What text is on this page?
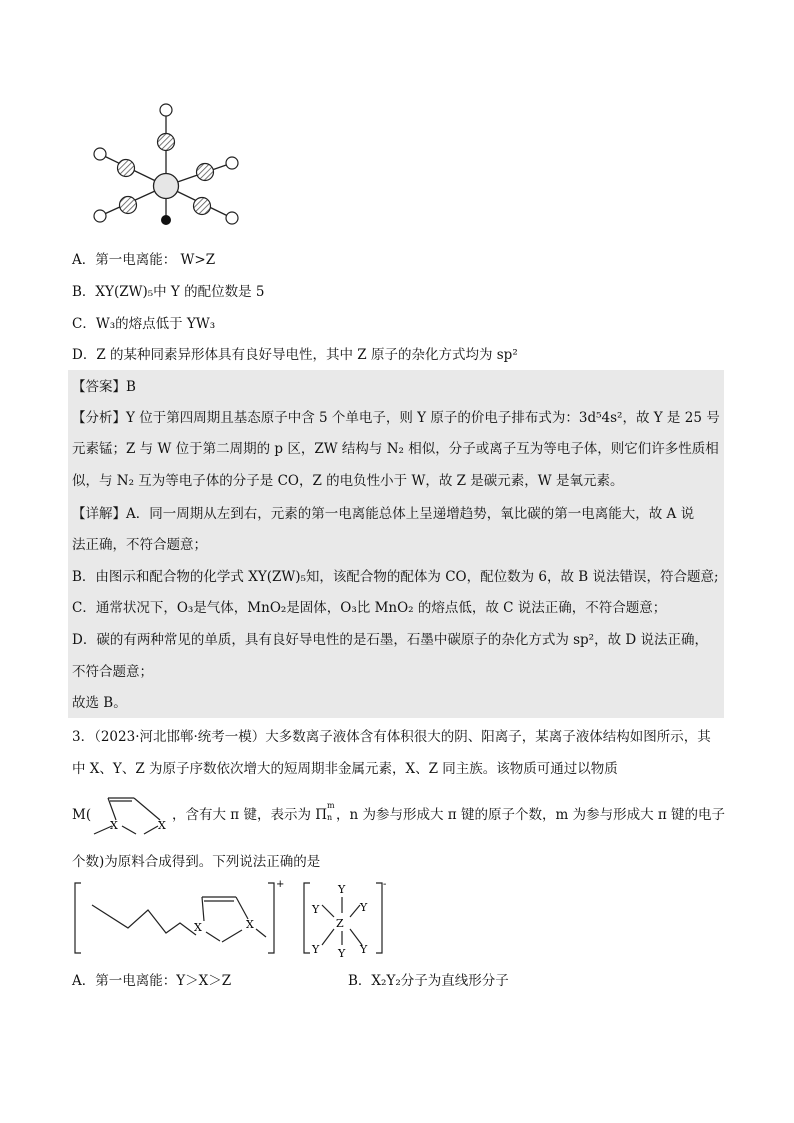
A．第一电离能： W>Z
B．XY(ZW)₅中 Y 的配位数是 5
C．W₃的熔点低于 YW₃
D．Z 的某种同素异形体具有良好导电性，其中 Z 原子的杂化方式均为 sp²
【答案】B
【分析】Y 位于第四周期且基态原子中含 5 个单电子，则 Y 原子的价电子排布式为：3d⁵4s²，故 Y 是 25 号
元素锰；Z 与 W 位于第二周期的 p 区，ZW 结构与 N₂ 相似，分子或离子互为等电子体，则它们许多性质相
似，与 N₂ 互为等电子体的分子是 CO，Z 的电负性小于 W，故 Z 是碳元素，W 是氧元素。
【详解】A．同一周期从左到右，元素的第一电离能总体上呈递增趋势，氧比碳的第一电离能大，故 A 说
法正确，不符合题意；
B．由图示和配合物的化学式 XY(ZW)₅知，该配合物的配体为 CO，配位数为 6，故 B 说法错误，符合题意;
C．通常状况下，O₃是气体，MnO₂是固体，O₃比 MnO₂ 的熔点低，故 C 说法正确，不符合题意；
D．碳的有两种常见的单质，具有良好导电性的是石墨，石墨中碳原子的杂化方式为 sp²，故 D 说法正确，
不符合题意；
故选 B。
3．（2023·河北邯郸·统考一模）大多数离子液体含有体积很大的阴、阳离子，某离子液体结构如图所示，其
中 X、Y、Z 为原子序数依次增大的短周期非金属元素，X、Z 同主族。该物质可通过以物质
M(
X	X
，含有大 π 键，表示为 Π
m
n ，n 为参与形成大 π 键的原子个数，m 为参与形成大 π 键的电子
个数)为原料合成得到。下列说法正确的是
X	X
+	-
Y
Y	Y
Z
Y Y Y
A．第一电离能：Y＞X＞Z	B．X₂Y₂分子为直线形分子
